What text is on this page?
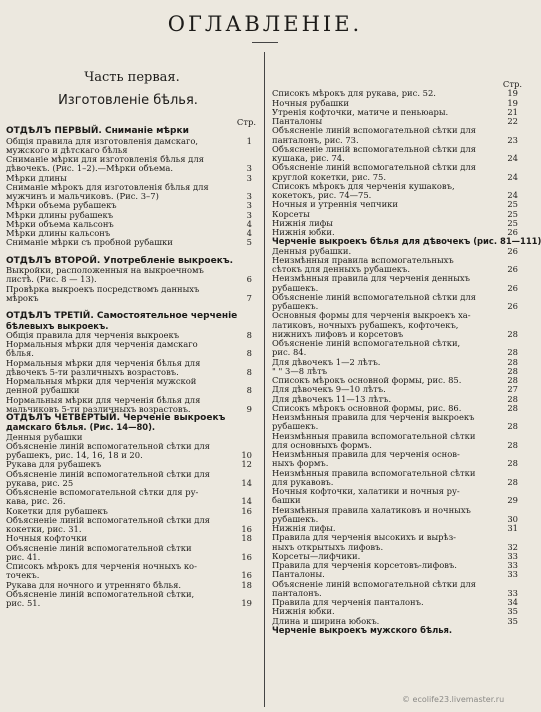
ОГЛАВЛЕНІЕ.
Часть первая.
Изготовленіе бѣлья.
Стр.
ОТДѢЛЪ ПЕРВЫЙ. Сниманіе мѣрки
Общія правила для изготовленія дамскаго,	1
мужского и дѣтскаго бѣлья
Сниманіе мѣрки для изготовленія бѣлья для
дѣвочекъ. (Рис. 1–2).—Мѣрки объема.	3
Мѣрки длины	3
Сниманіе мѣрокъ для изготовленія бѣлья для
мужчинъ и мальчиковъ. (Рис. 3–7)	3
Мѣрки объема рубашекъ	3
Мѣрки длины рубашекъ	3
Мѣрки объема кальсонъ	4
Мѣрки длины кальсонъ	4
Сниманіе мѣрки съ пробной рубашки	5
ОТДѢЛЪ ВТОРОЙ. Употребленіе выкроекъ.
Выкройки, расположенныя на выкроечномъ
листѣ. (Рис. 8 — 13).	6
Провѣрка выкроекъ посредствомъ данныхъ
мѣрокъ	7
ОТДѢЛЪ ТРЕТІЙ. Самостоятельное черченіе
бѣлевыхъ выкроекъ.
Общія правила для черченія выкроекъ	8
Нормальныя мѣрки для черченія дамскаго
бѣлья.	8
Нормальныя мѣрки для черченія бѣлья для
дѣвочекъ 5-ти различныхъ возрастовъ.	8
Нормальныя мѣрки для черченія мужской
денной рубашки	8
Нормальныя мѣрки для черченія бѣлья для
мальчиковъ 5-ти различныхъ возрастовъ.	9
ОТДѢЛЪ ЧЕТВЕРТЫЙ. Черченіе выкроекъ
дамскаго бѣлья. (Рис. 14—80).
Денныя рубашки
Объясненіе линій вспомогательной сѣтки для
рубашекъ, рис. 14, 16, 18 и 20.	10
Рукава для рубашекъ	12
Объясненіе линій вспомогательной сѣтки для
рукава, рис. 25	14
Объясненіе вспомогательной сѣтки для ру-
кава, рис. 26.	14
Кокетки для рубашекъ	16
Объясненіе линій вспомогательной сѣтки для
кокетки, рис. 31.	16
Ночныя кофточки	18
Объясненіе линій вспомогательной сѣтки
рис. 41.	16
Списокъ мѣрокъ для черченія ночныхъ ко-
точекъ.	16
Рукава для ночного и утренняго бѣлья.	18
Объясненіе линій вспомогательной сѣтки,
рис. 51.	19
Стр.
Списокъ мѣрокъ для рукава, рис. 52.	19
Ночныя рубашки	19
Утренія кофточки, матиче и пеньюары.	21
Панталоны	22
Объясненіе линій вспомогательной сѣтки для
панталонъ, рис. 73.	23
Объясненіе линій вспомогательной сѣтки для
кушака, рис. 74.	24
Объясненіе линій вспомогательной сѣтки для
круглой кокетки, рис. 75.	24
Списокъ мѣрокъ для черченія кушаковъ,
кокетокъ, рис. 74—75.	24
Ночныя и утреннія чепчики	25
Корсеты	25
Нижнія лифы	25
Нижнія юбки.	26
Черченіе выкроекъ бѣлья для дѣвочекъ (рис. 81—111)
Денныя рубашки.	26
Неизмѣнныя правила вспомогательныхъ
сѣтокъ для денныхъ рубашекъ.	26
Неизмѣнныя правила для черченія денныхъ
рубашекъ.	26
Объясненіе линій вспомогательной сѣтки для
рубашекъ.	26
Основныя формы для черченія выкроекъ ха-
латиковъ, ночныхъ рубашекъ, кофточекъ,
нижнихъ лифовъ и корсетовъ	28
Объясненіе линій вспомогательной сѣтки,
рис. 84.	28
Для дѣвочекъ 1—2 лѣтъ.	28
" " 3—8 лѣтъ	28
Списокъ мѣрокъ основной формы, рис. 85.	28
Для дѣвочекъ 9—10 лѣтъ.	27
Для дѣвочекъ 11—13 лѣтъ.	28
Списокъ мѣрокъ основной формы, рис. 86.	28
Неизмѣнныя правила для черченія выкроекъ
рубашекъ.	28
Неизмѣнныя правила вспомогательной сѣтки
для основныхъ формъ.	28
Неизмѣнныя правила для черченія основ-
ныхъ формъ.	28
Неизмѣнныя правила вспомогательной сѣтки
для рукавовъ.	28
Ночныя кофточки, халатики и ночныя ру-
башки	29
Неизмѣнныя правила халатиковъ и ночныхъ
рубашекъ.	30
Нижнія лифы.	31
Правила для черченія высокихъ и вырѣз-
ныхъ открытыхъ лифовъ.	32
Корсеты—лифчики.	33
Правила для черченія корсетовъ-лифовъ.	33
Панталоны.	33
Объясненіе линій вспомогательной сѣтки для
панталонъ.	33
Правила для черченія панталонъ.	34
Нижнія юбки.	35
Длина и ширина юбокъ.	35
Черченіе выкроекъ мужского бѣлья.
© ecolife23.livemaster.ru
